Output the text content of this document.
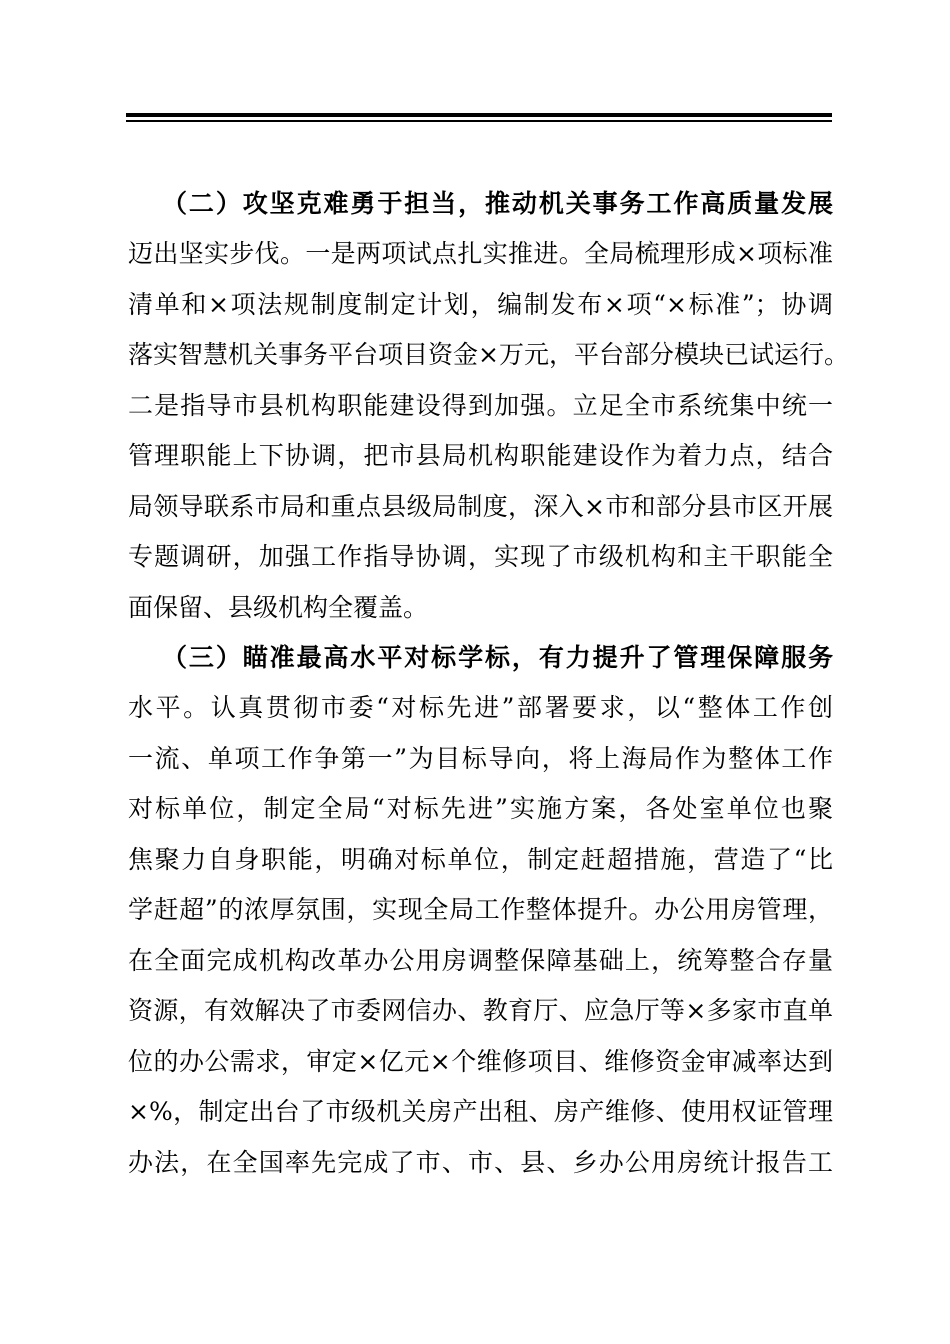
（二）攻坚克难勇于担当，推动机关事务工作高质量发展
迈出坚实步伐。一是两项试点扎实推进。全局梳理形成×项标准
清单和×项法规制度制定计划，编制发布×项“×标准”；协调
落实智慧机关事务平台项目资金×万元，平台部分模块已试运行。
二是指导市县机构职能建设得到加强。立足全市系统集中统一
管理职能上下协调，把市县局机构职能建设作为着力点，结合
局领导联系市局和重点县级局制度，深入×市和部分县市区开展
专题调研，加强工作指导协调，实现了市级机构和主干职能全
面保留、县级机构全覆盖。
（三）瞄准最高水平对标学标，有力提升了管理保障服务
水平。认真贯彻市委“对标先进”部署要求，以“整体工作创
一流、单项工作争第一”为目标导向，将上海局作为整体工作
对标单位，制定全局“对标先进”实施方案，各处室单位也聚
焦聚力自身职能，明确对标单位，制定赶超措施，营造了“比
学赶超”的浓厚氛围，实现全局工作整体提升。办公用房管理，
在全面完成机构改革办公用房调整保障基础上，统筹整合存量
资源，有效解决了市委网信办、教育厅、应急厅等×多家市直单
位的办公需求，审定×亿元×个维修项目、维修资金审减率达到
×%，制定出台了市级机关房产出租、房产维修、使用权证管理
办法，在全国率先完成了市、市、县、乡办公用房统计报告工
